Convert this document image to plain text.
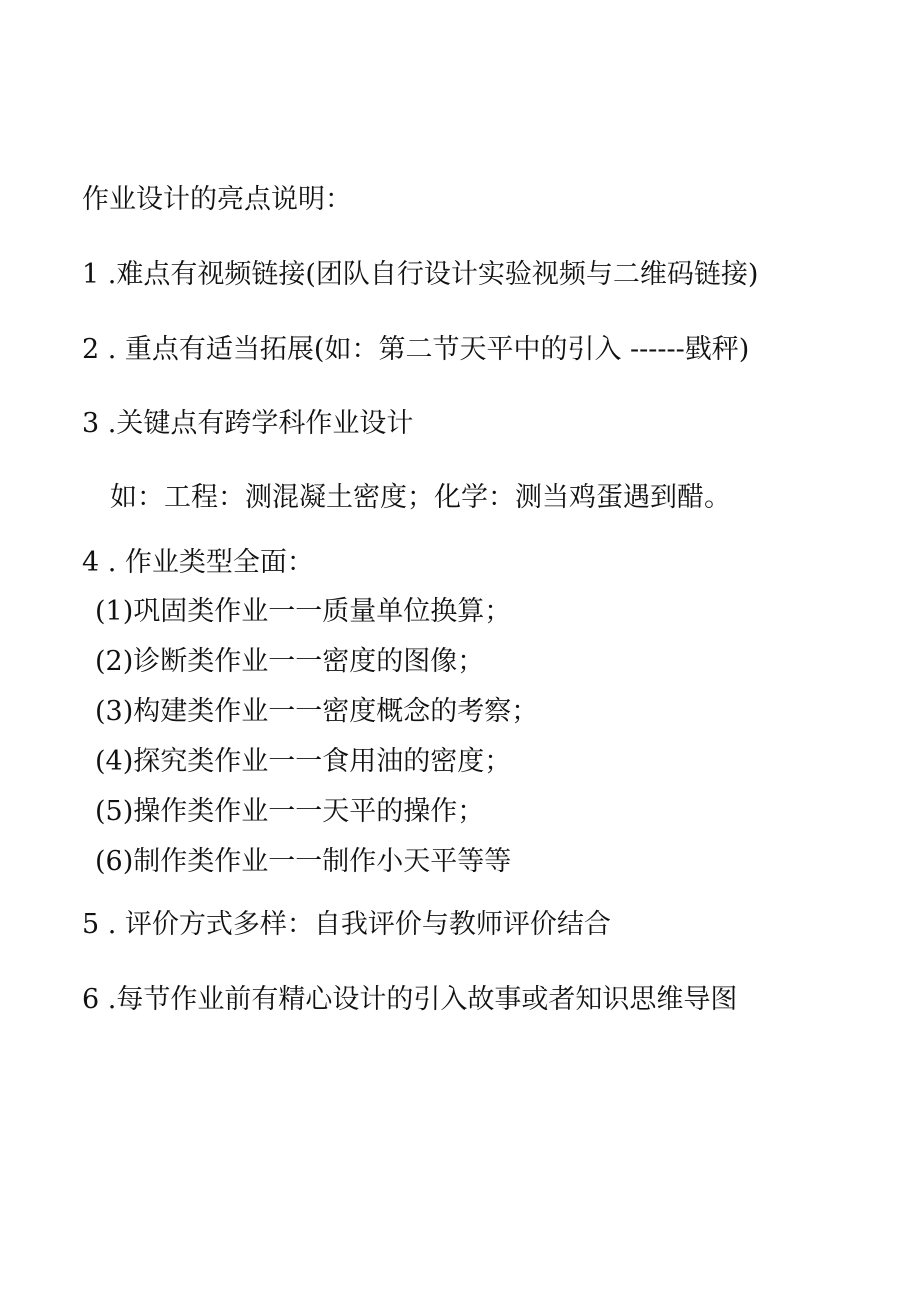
作业设计的亮点说明：
1 .难点有视频链接(团队自行设计实验视频与二维码链接)
2 . 重点有适当拓展(如：第二节天平中的引入 ------戥秤)
3 .关键点有跨学科作业设计
如：工程：测混凝土密度；化学：测当鸡蛋遇到醋。
4 . 作业类型全面：
(1)巩固类作业一一质量单位换算；
(2)诊断类作业一一密度的图像；
(3)构建类作业一一密度概念的考察；
(4)探究类作业一一食用油的密度；
(5)操作类作业一一天平的操作；
(6)制作类作业一一制作小天平等等
5 . 评价方式多样：自我评价与教师评价结合
6 .每节作业前有精心设计的引入故事或者知识思维导图
